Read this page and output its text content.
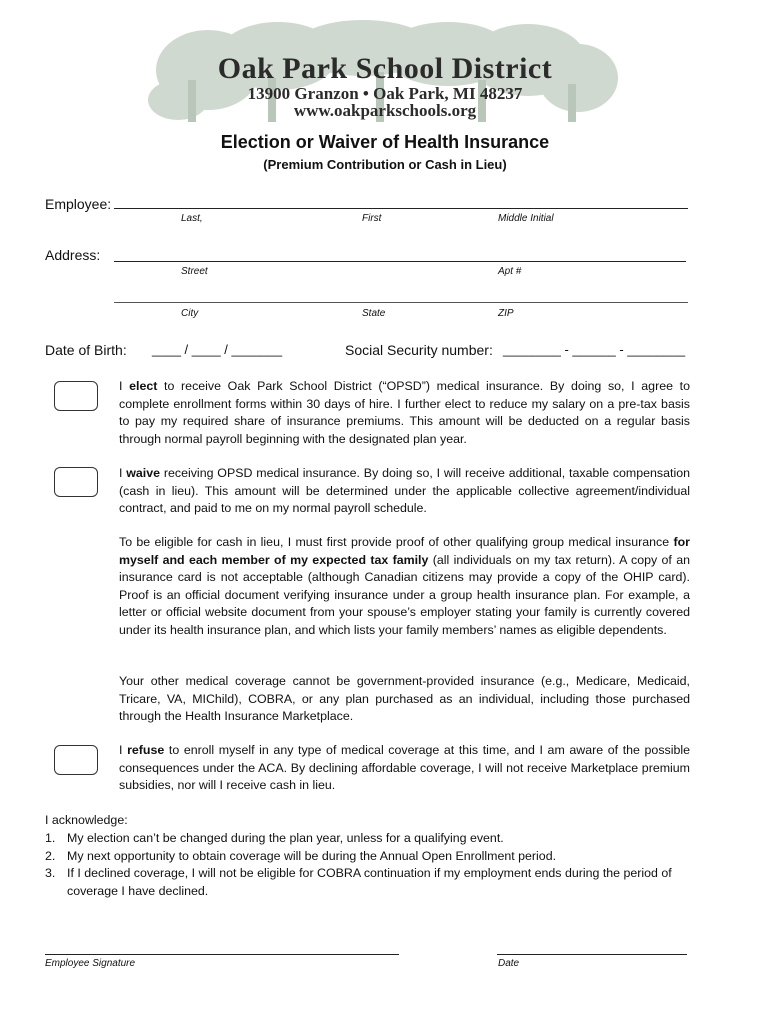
Oak Park School District
13900 Granzon • Oak Park, MI 48237
www.oakparkschools.org
Election or Waiver of Health Insurance
(Premium Contribution or Cash in Lieu)
Employee:
Last,	First	Middle Initial
Address:
Street	Apt #
City	State	ZIP
Date of Birth: ____ / ____ / _______	Social Security number: ________ - ______ - ________
I elect to receive Oak Park School District (“OPSD”) medical insurance. By doing so, I agree to complete enrollment forms within 30 days of hire. I further elect to reduce my salary on a pre-tax basis to pay my required share of insurance premiums. This amount will be deducted on a regular basis through normal payroll beginning with the designated plan year.
I waive receiving OPSD medical insurance. By doing so, I will receive additional, taxable compensation (cash in lieu). This amount will be determined under the applicable collective agreement/individual contract, and paid to me on my normal payroll schedule.
To be eligible for cash in lieu, I must first provide proof of other qualifying group medical insurance for myself and each member of my expected tax family (all individuals on my tax return). A copy of an insurance card is not acceptable (although Canadian citizens may provide a copy of the OHIP card). Proof is an official document verifying insurance under a group health insurance plan. For example, a letter or official website document from your spouse’s employer stating your family is currently covered under its health insurance plan, and which lists your family members’ names as eligible dependents.
Your other medical coverage cannot be government-provided insurance (e.g., Medicare, Medicaid, Tricare, VA, MIChild), COBRA, or any plan purchased as an individual, including those purchased through the Health Insurance Marketplace.
I refuse to enroll myself in any type of medical coverage at this time, and I am aware of the possible consequences under the ACA. By declining affordable coverage, I will not receive Marketplace premium subsidies, nor will I receive cash in lieu.
I acknowledge:
1. My election can’t be changed during the plan year, unless for a qualifying event.
2. My next opportunity to obtain coverage will be during the Annual Open Enrollment period.
3. If I declined coverage, I will not be eligible for COBRA continuation if my employment ends during the period of coverage I have declined.
Employee Signature	Date
